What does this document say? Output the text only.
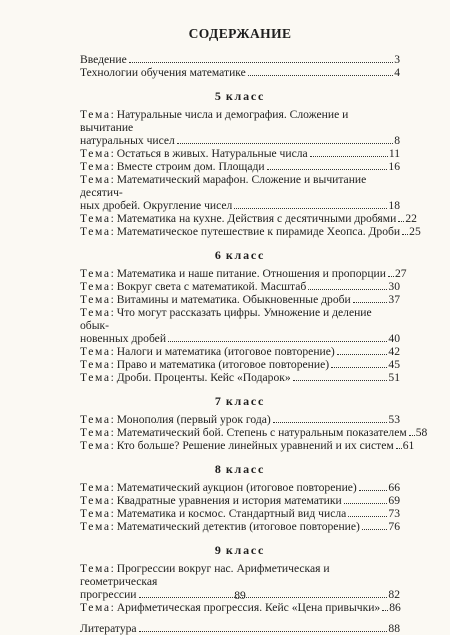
СОДЕРЖАНИЕ
Введение	3
Технологии обучения математике	4
5 класс
Тема: Натуральные числа и демография. Сложение и вычитание
натуральных чисел	8
Тема: Остаться в живых. Натуральные числа	11
Тема: Вместе строим дом. Площади	16
Тема: Математический марафон. Сложение и вычитание десятич-
ных дробей. Округление чисел	18
Тема: Математика на кухне. Действия с десятичными дробями 22
Тема: Математическое путешествие к пирамиде Хеопса. Дроби 25
6 класс
Тема: Математика и наше питание. Отношения и пропорции 27
Тема: Вокруг света с математикой. Масштаб	30
Тема: Витамины и математика. Обыкновенные дроби	37
Тема: Что могут рассказать цифры. Умножение и деление обык-
новенных дробей	40
Тема: Налоги и математика (итоговое повторение)	42
Тема: Право и математика (итоговое повторение)	45
Тема: Дроби. Проценты. Кейс «Подарок»	51
7 класс
Тема: Монополия (первый урок года)	53
Тема: Математический бой. Степень с натуральным показателем 58
Тема: Кто больше? Решение линейных уравнений и их систем 61
8 класс
Тема: Математический аукцион (итоговое повторение)	66
Тема: Квадратные уравнения и история математики	69
Тема: Математика и космос. Стандартный вид числа	73
Тема: Математический детектив (итоговое повторение) 76
9 класс
Тема: Прогрессии вокруг нас. Арифметическая и геометрическая
прогрессии	82
Тема: Арифметическая прогрессия. Кейс «Цена привычки» 86
Литература	88
89
